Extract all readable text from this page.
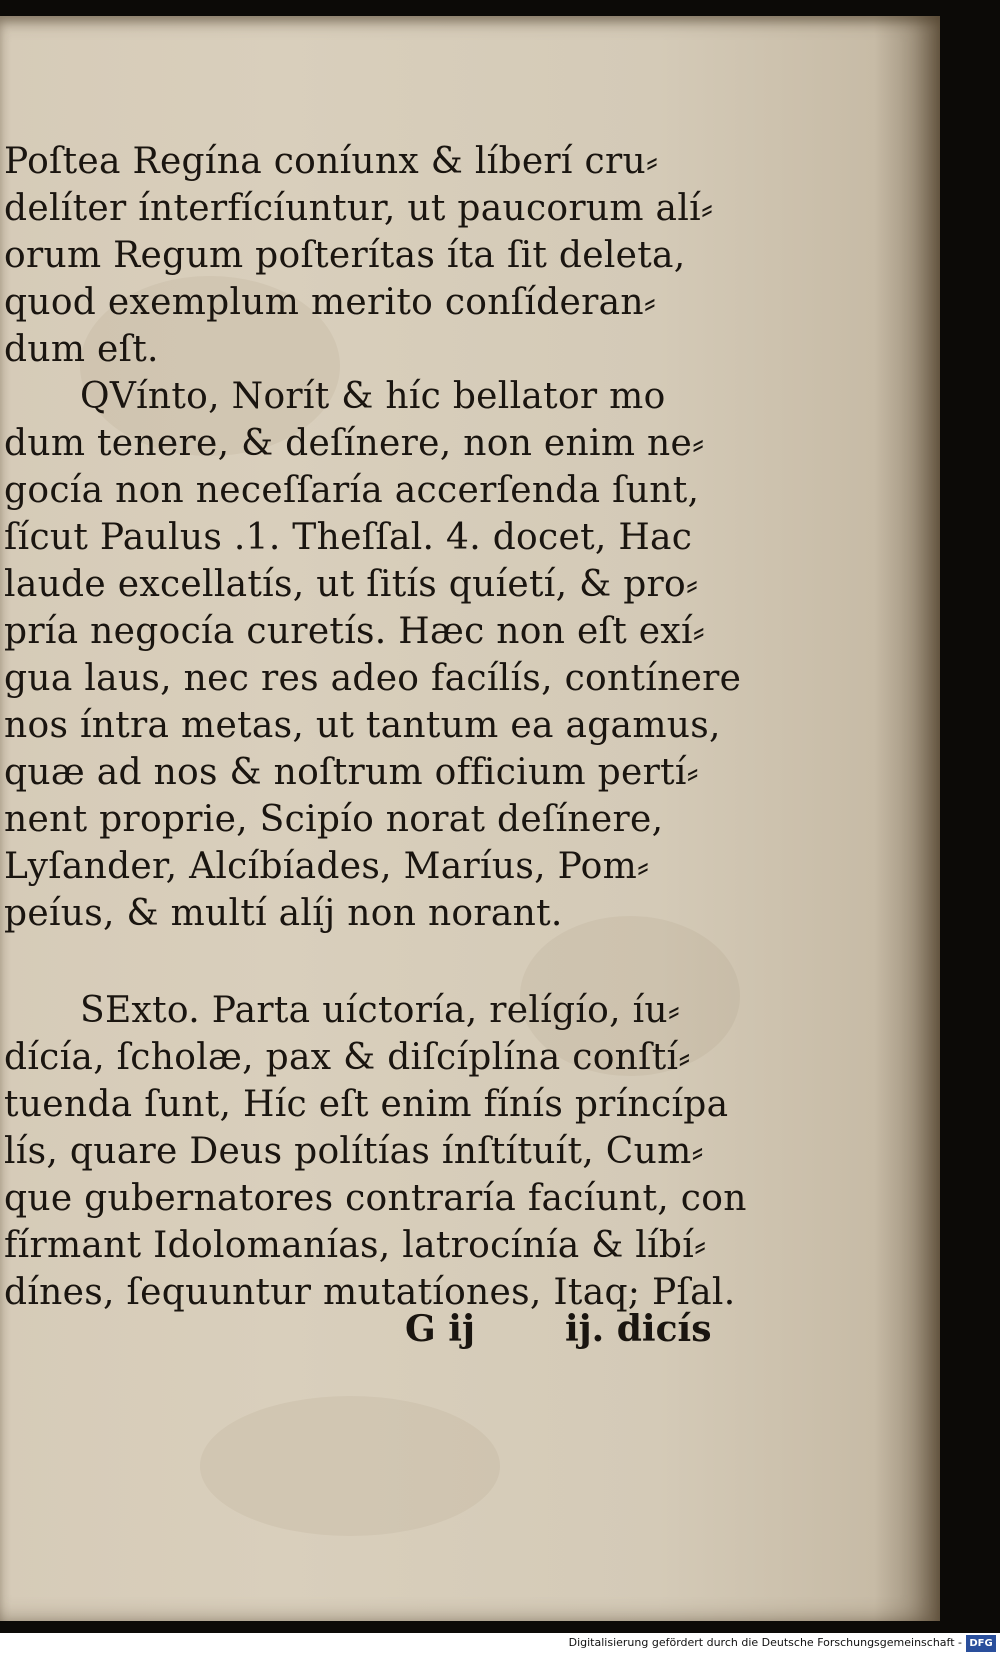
Poſtea Regína coníunx & líberí cru⸗
delíter ínterfícíuntur, ut paucorum alí⸗
orum Regum poſterítas íta ſit deleta,
quod exemplum merito conſíderan⸗
dum eſt.
QVínto, Norít & híc bellator mo
dum tenere, & deſínere, non enim ne⸗
gocía non neceſſaría accerſenda ſunt,
ſícut Paulus .1. Theſſal. 4. docet, Hac
laude excellatís, ut ſitís quíetí, & pro⸗
pría negocía curetís. Hæc non eſt exí⸗
gua laus, nec res adeo facílís, contínere
nos íntra metas, ut tantum ea agamus,
quæ ad nos & noſtrum officium pertí⸗
nent proprie, Scipío norat deſínere,
Lyſander, Alcíbíades, Maríus, Pom⸗
peíus, & multí alíj non norant.
SExto. Parta uíctoría, relígío, íu⸗
dícía, ſcholæ, pax & diſcíplína conſtí⸗
tuenda ſunt, Híc eſt enim fínís príncípa
lís, quare Deus polítías ínſtítuít, Cum⸗
que gubernatores contraría facíunt, con
fírmant Idolomanías, latrocínía & líbí⸗
dínes, ſequuntur mutatíones, Itaq; Pſal.
G ij	ij. dicís
Digitalisierung gefördert durch die Deutsche Forschungsgemeinschaft - DFG
